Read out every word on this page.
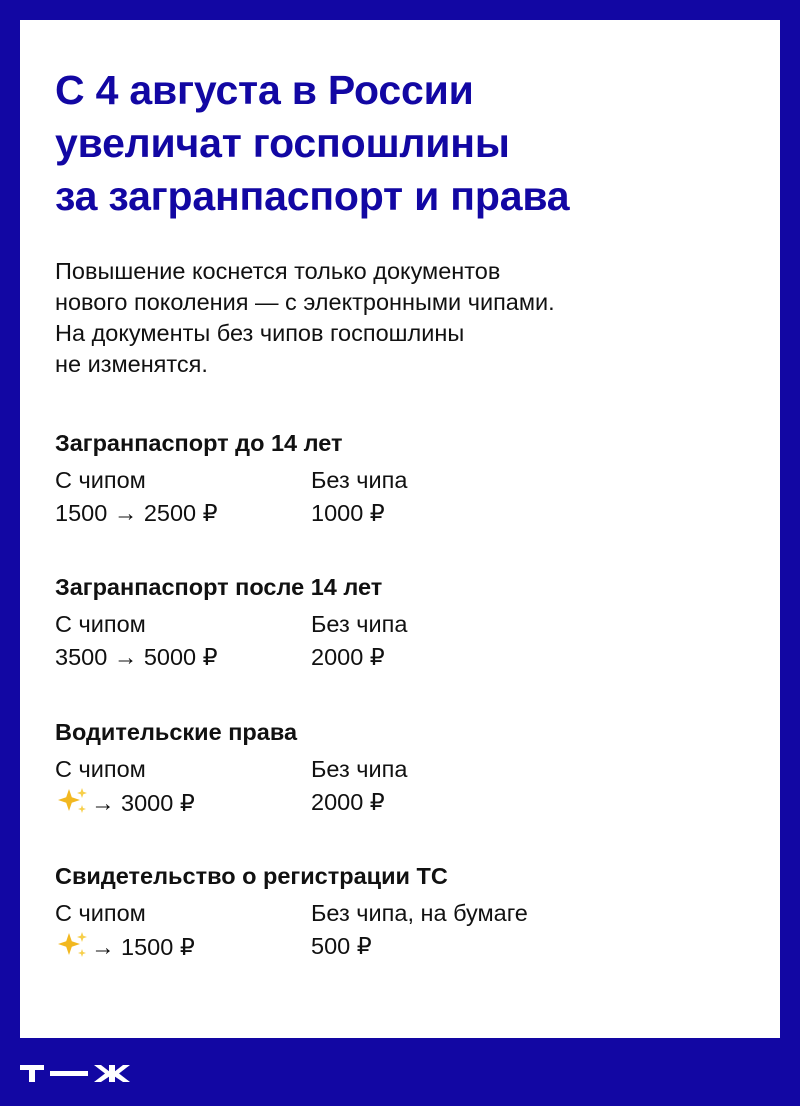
С 4 августа в России
увеличат госпошлины
за загранпаспорт и права

Повышение коснется только документов
нового поколения — с электронными чипами.
На документы без чипов госпошлины
не изменятся.

Загранпаспорт до 14 лет
С чипом	Без чипа
1500 → 2500 ₽	1000 ₽
Загранпаспорт после 14 лет
С чипом	Без чипа
3500 → 5000 ₽	2000 ₽
Водительские права
С чипом	Без чипа
→ 3000 ₽	2000 ₽
Свидетельство о регистрации ТС
С чипом	Без чипа, на бумаге
→ 1500 ₽	500 ₽
